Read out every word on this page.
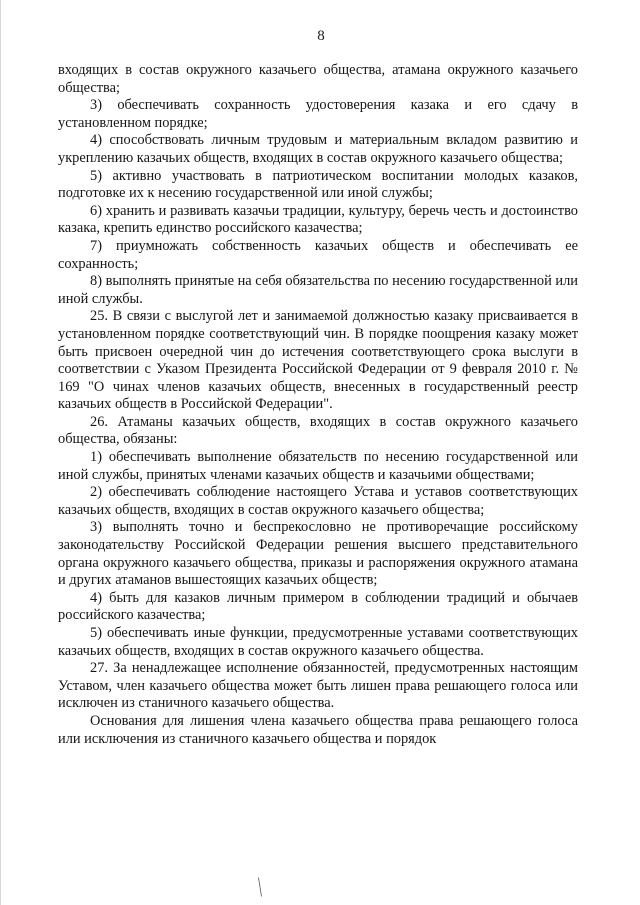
8

входящих в состав окружного казачьего общества, атамана окружного казачьего общества;

3) обеспечивать сохранность удостоверения казака и его сдачу в установленном порядке;

4) способствовать личным трудовым и материальным вкладом развитию и укреплению казачьих обществ, входящих в состав окружного казачьего общества;

5) активно участвовать в патриотическом воспитании молодых казаков, подготовке их к несению государственной или иной службы;

6) хранить и развивать казачьи традиции, культуру, беречь честь и достоинство казака, крепить единство российского казачества;

7) приумножать собственность казачьих обществ и обеспечивать ее сохранность;

8) выполнять принятые на себя обязательства по несению государственной или иной службы.

25. В связи с выслугой лет и занимаемой должностью казаку присваивается в установленном порядке соответствующий чин. В порядке поощрения казаку может быть присвоен очередной чин до истечения соответствующего срока выслуги в соответствии с Указом Президента Российской Федерации от 9 февраля 2010 г. № 169 "О чинах членов казачьих обществ, внесенных в государственный реестр казачьих обществ в Российской Федерации".

26. Атаманы казачьих обществ, входящих в состав окружного казачьего общества, обязаны:

1) обеспечивать выполнение обязательств по несению государственной или иной службы, принятых членами казачьих обществ и казачьими обществами;

2) обеспечивать соблюдение настоящего Устава и уставов соответствующих казачьих обществ, входящих в состав окружного казачьего общества;

3) выполнять точно и беспрекословно не противоречащие российскому законодательству Российской Федерации решения высшего представительного органа окружного казачьего общества, приказы и распоряжения окружного атамана и других атаманов вышестоящих казачьих обществ;

4) быть для казаков личным примером в соблюдении традиций и обычаев российского казачества;

5) обеспечивать иные функции, предусмотренные уставами соответствующих казачьих обществ, входящих в состав окружного казачьего общества.

27. За ненадлежащее исполнение обязанностей, предусмотренных настоящим Уставом, член казачьего общества может быть лишен права решающего голоса или исключен из станичного казачьего общества.

Основания для лишения члена казачьего общества права решающего голоса или исключения из станичного казачьего общества и порядок
